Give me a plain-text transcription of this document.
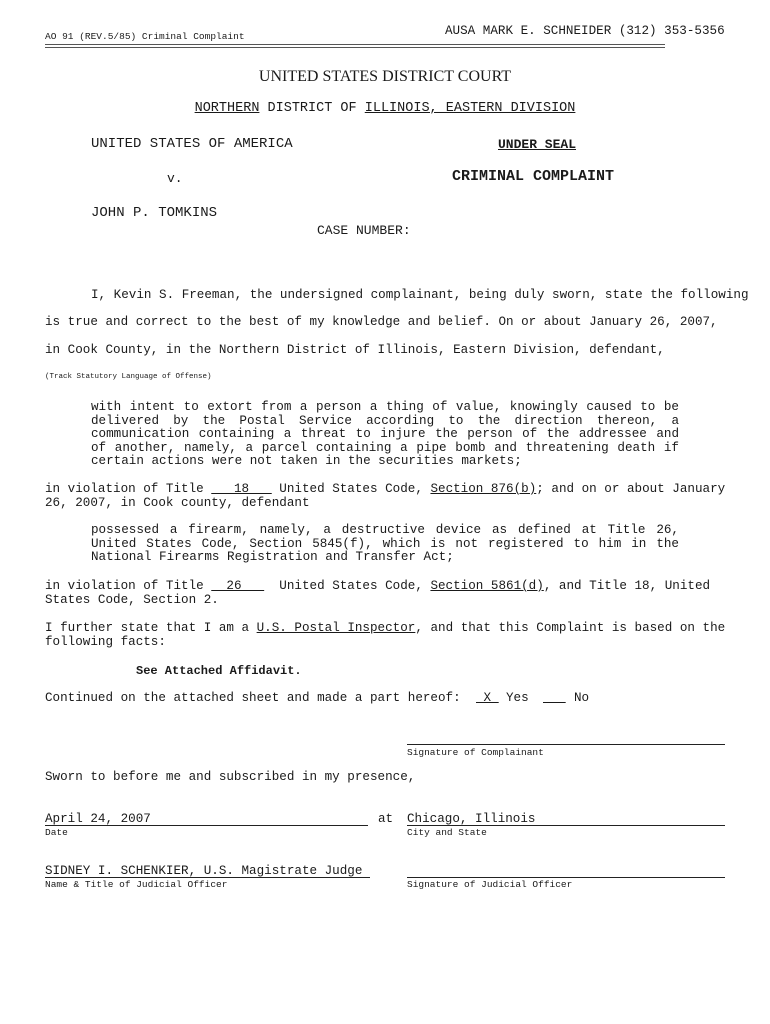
AO 91 (REV.5/85) Criminal Complaint	AUSA MARK E. SCHNEIDER (312) 353-5356
UNITED STATES DISTRICT COURT
NORTHERN DISTRICT OF ILLINOIS, EASTERN DIVISION
UNITED STATES OF AMERICA	UNDER SEAL
v.	CRIMINAL COMPLAINT
JOHN P. TOMKINS
CASE NUMBER:
I, Kevin S. Freeman, the undersigned complainant, being duly sworn, state the following
is true and correct to the best of my knowledge and belief. On or about January 26, 2007,
in Cook County, in the Northern District of Illinois, Eastern Division, defendant,
(Track Statutory Language of Offense)
with intent to extort from a person a thing of value, knowingly caused to be delivered by the Postal Service according to the direction thereon, a communication containing a threat to injure the person of the addressee and of another, namely, a parcel containing a pipe bomb and threatening death if certain actions were not taken in the securities markets;
in violation of Title    18    United States Code, Section 876(b); and on or about January
26, 2007, in Cook county, defendant
possessed a firearm, namely, a destructive device as defined at Title 26, United States Code, Section 5845(f), which is not registered to him in the National Firearms Registration and Transfer Act;
in violation of Title   26     United States Code, Section 5861(d), and Title 18, United
States Code, Section 2.
I further state that I am a U.S. Postal Inspector, and that this Complaint is based on the
following facts:
See Attached Affidavit.
Continued on the attached sheet and made a part hereof: X Yes
	No
Signature of Complainant
Sworn to before me and subscribed in my presence,
April 24, 2007	at Chicago, Illinois
Date	City and State
SIDNEY I. SCHENKIER, U.S. Magistrate Judge
Name & Title of Judicial Officer	Signature of Judicial Officer
